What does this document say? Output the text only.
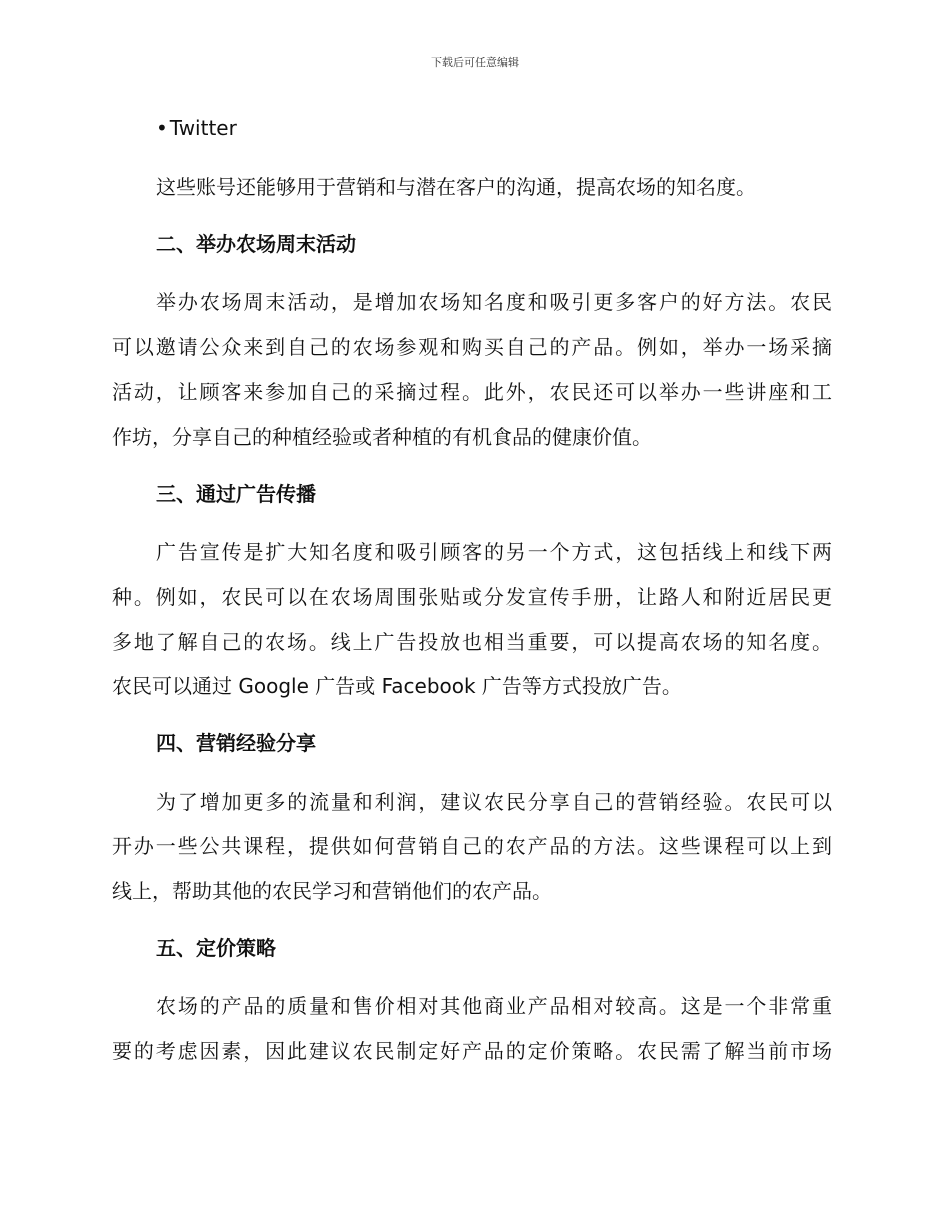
下载后可任意编辑
• Twitter
这些账号还能够用于营销和与潜在客户的沟通，提高农场的知名度。
二、举办农场周末活动
举办农场周末活动，是增加农场知名度和吸引更多客户的好方法。农民
可以邀请公众来到自己的农场参观和购买自己的产品。例如，举办一场采摘
活动，让顾客来参加自己的采摘过程。此外，农民还可以举办一些讲座和工
作坊，分享自己的种植经验或者种植的有机食品的健康价值。
三、通过广告传播
广告宣传是扩大知名度和吸引顾客的另一个方式，这包括线上和线下两
种。例如，农民可以在农场周围张贴或分发宣传手册，让路人和附近居民更
多地了解自己的农场。线上广告投放也相当重要，可以提高农场的知名度。
农民可以通过 Google 广告或 Facebook 广告等方式投放广告。
四、营销经验分享
为了增加更多的流量和利润，建议农民分享自己的营销经验。农民可以
开办一些公共课程，提供如何营销自己的农产品的方法。这些课程可以上到
线上，帮助其他的农民学习和营销他们的农产品。
五、定价策略
农场的产品的质量和售价相对其他商业产品相对较高。这是一个非常重
要的考虑因素，因此建议农民制定好产品的定价策略。农民需了解当前市场
